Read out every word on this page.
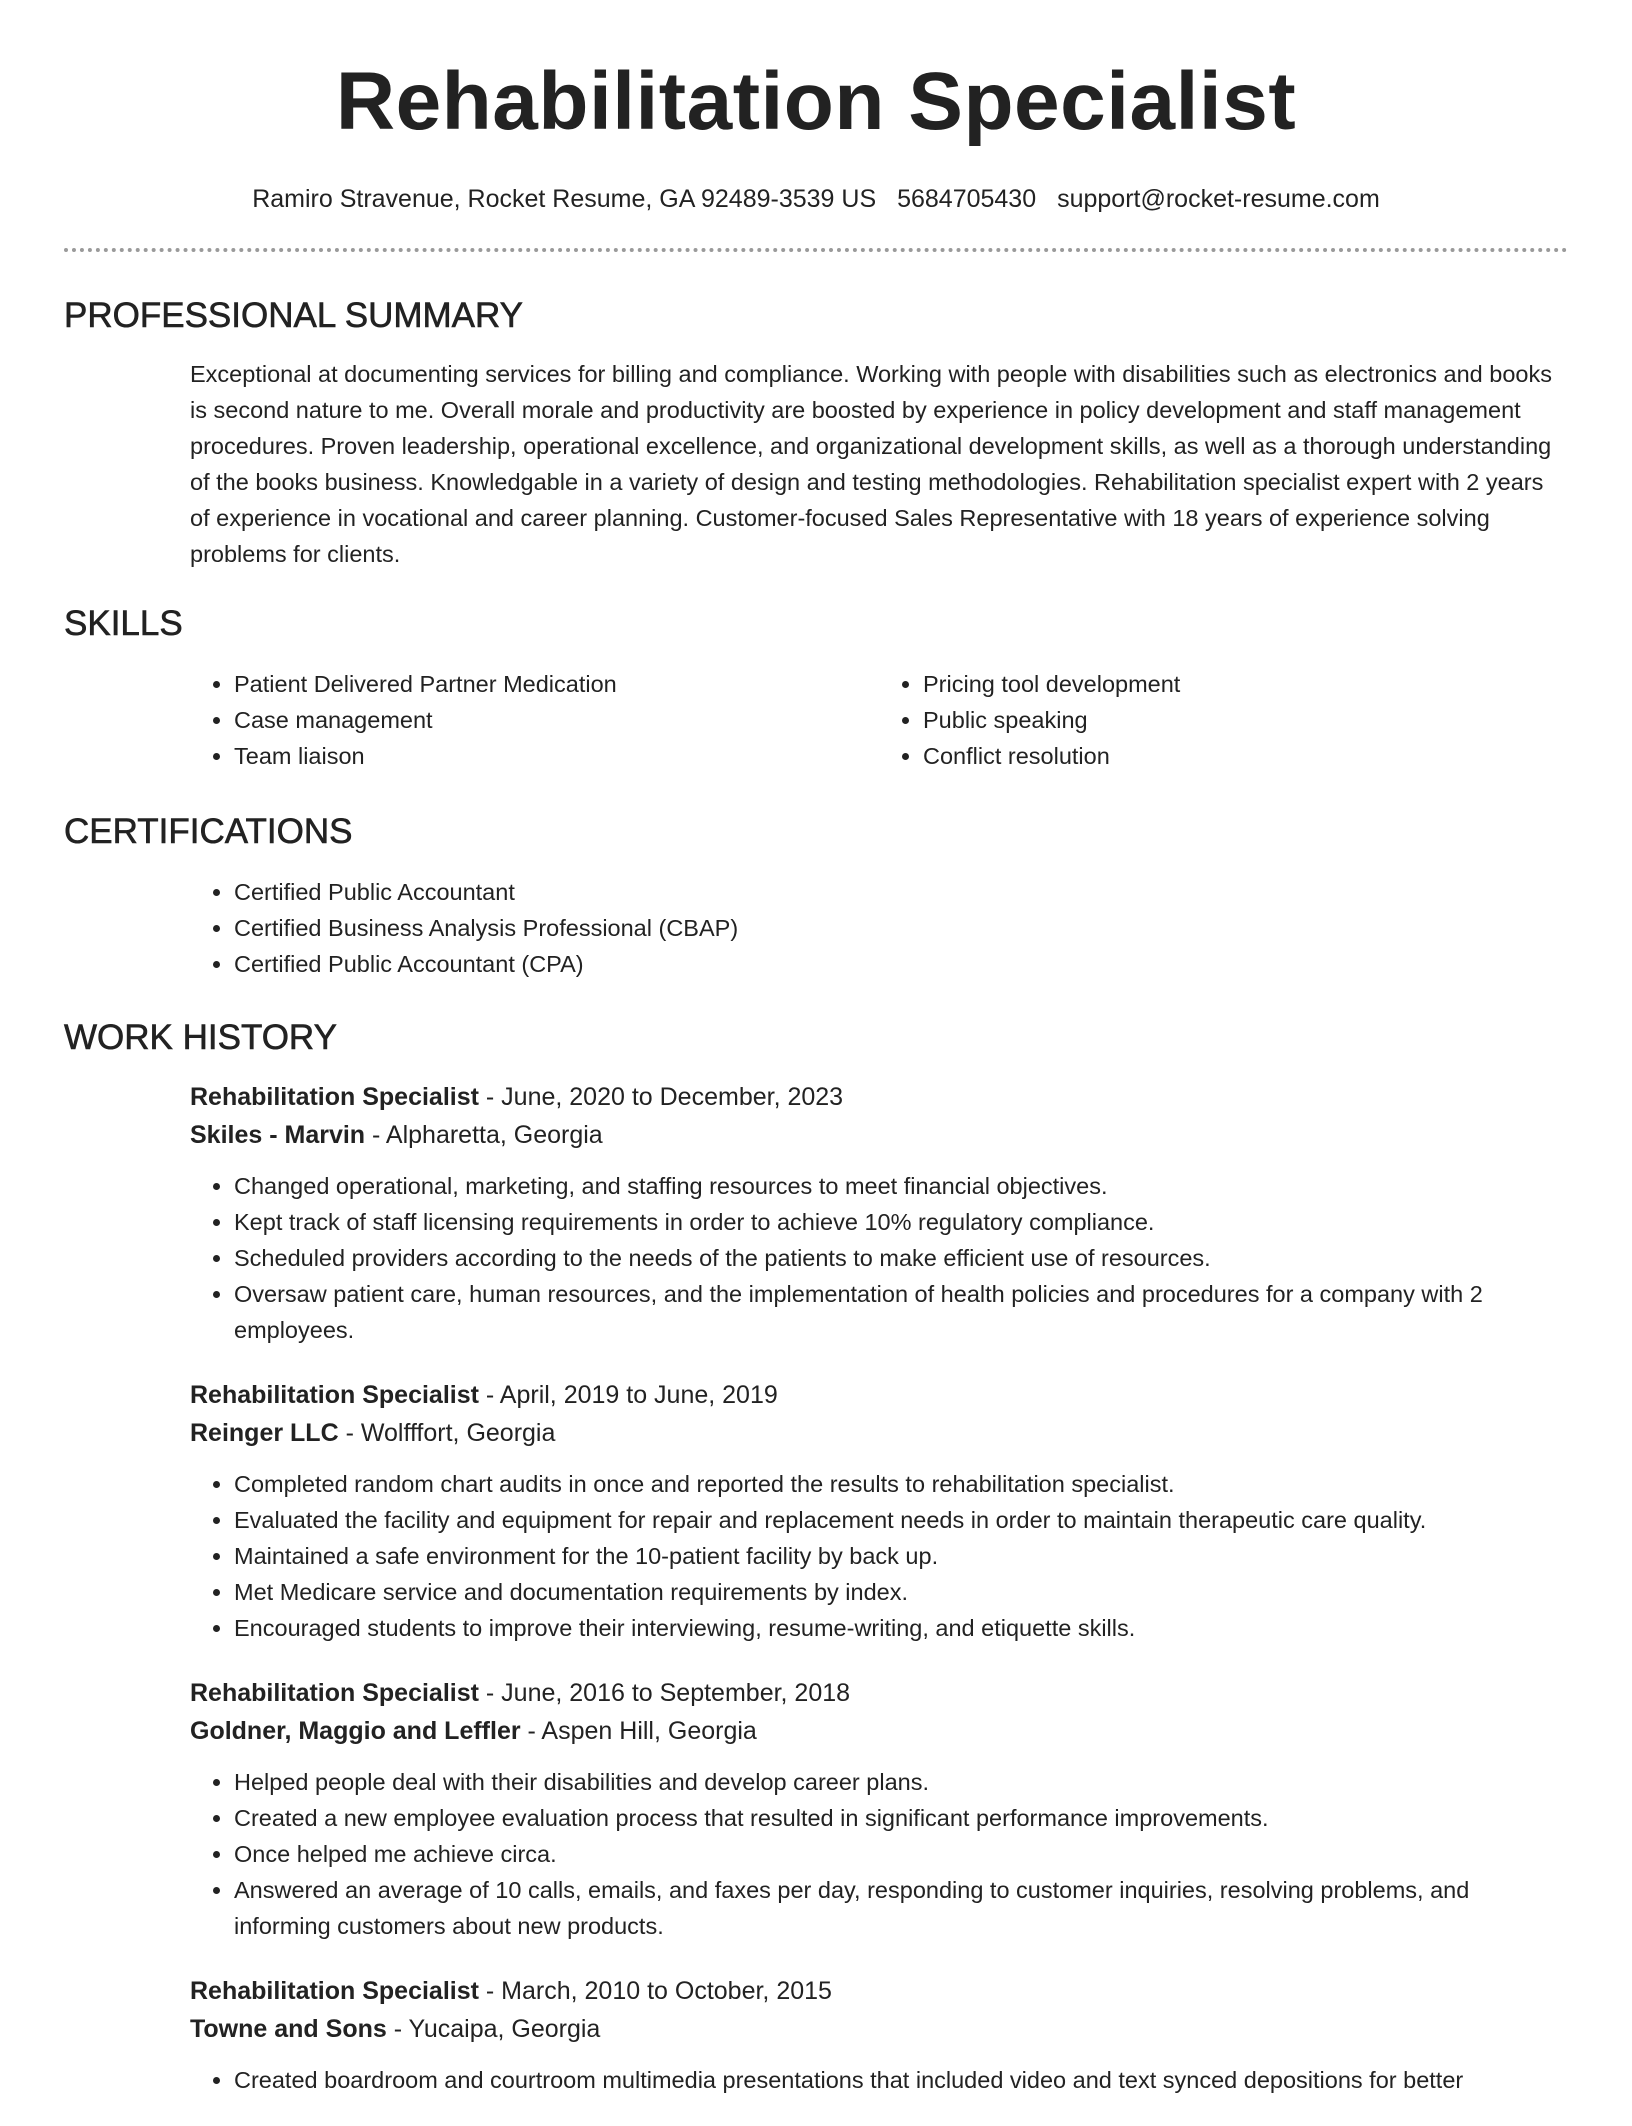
Rehabilitation Specialist
Ramiro Stravenue, Rocket Resume, GA 92489-3539 US 5684705430 support@rocket-resume.com
PROFESSIONAL SUMMARY

Exceptional at documenting services for billing and compliance. Working with people with disabilities such as electronics and books is second nature to me. Overall morale and productivity are boosted by experience in policy development and staff management procedures. Proven leadership, operational excellence, and organizational development skills, as well as a thorough understanding of the books business. Knowledgable in a variety of design and testing methodologies. Rehabilitation specialist expert with 2 years of experience in vocational and career planning. Customer-focused Sales Representative with 18 years of experience solving problems for clients.

SKILLS
• Patient Delivered Partner Medication
• Case management
• Team liaison
• Pricing tool development
• Public speaking
• Conflict resolution
CERTIFICATIONS
• Certified Public Accountant
• Certified Business Analysis Professional (CBAP)
• Certified Public Accountant (CPA)
WORK HISTORY

Rehabilitation Specialist - June, 2020 to December, 2023

Skiles - Marvin - Alpharetta, Georgia

• Changed operational, marketing, and staffing resources to meet financial objectives.
• Kept track of staff licensing requirements in order to achieve 10% regulatory compliance.
• Scheduled providers according to the needs of the patients to make efficient use of resources.
• Oversaw patient care, human resources, and the implementation of health policies and procedures for a company with 2 employees.

Rehabilitation Specialist - April, 2019 to June, 2019

Reinger LLC - Wolfffort, Georgia

• Completed random chart audits in once and reported the results to rehabilitation specialist.
• Evaluated the facility and equipment for repair and replacement needs in order to maintain therapeutic care quality.
• Maintained a safe environment for the 10-patient facility by back up.
• Met Medicare service and documentation requirements by index.
• Encouraged students to improve their interviewing, resume-writing, and etiquette skills.

Rehabilitation Specialist - June, 2016 to September, 2018

Goldner, Maggio and Leffler - Aspen Hill, Georgia

• Helped people deal with their disabilities and develop career plans.
• Created a new employee evaluation process that resulted in significant performance improvements.
• Once helped me achieve circa.
• Answered an average of 10 calls, emails, and faxes per day, responding to customer inquiries, resolving problems, and informing customers about new products.

Rehabilitation Specialist - March, 2010 to October, 2015

Towne and Sons - Yucaipa, Georgia

• Created boardroom and courtroom multimedia presentations that included video and text synced depositions for better
